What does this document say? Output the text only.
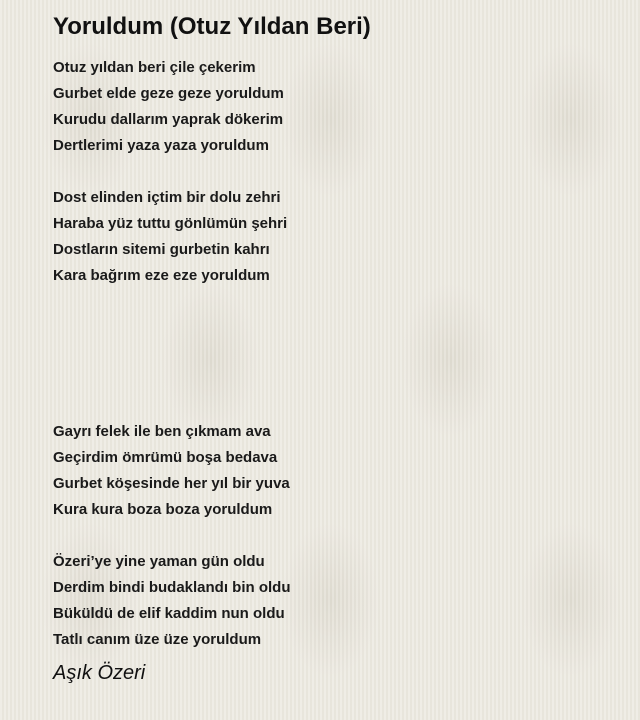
Yoruldum (Otuz Yıldan Beri)
Otuz yıldan beri çile çekerim
Gurbet elde geze geze yoruldum
Kurudu dallarım yaprak dökerim
Dertlerimi yaza yaza yoruldum
Dost elinden içtim bir dolu zehri
Haraba yüz tuttu gönlümün şehri
Dostların sitemi gurbetin kahrı
Kara bağrım eze eze yoruldum
Gayrı felek ile ben çıkmam ava
Geçirdim ömrümü boşa bedava
Gurbet köşesinde her yıl bir yuva
Kura kura boza boza yoruldum
Özeri’ye yine yaman gün oldu
Derdim bindi budaklandı bin oldu
Büküldü de elif kaddim nun oldu
Tatlı canım üze üze yoruldum
Aşık Özeri
